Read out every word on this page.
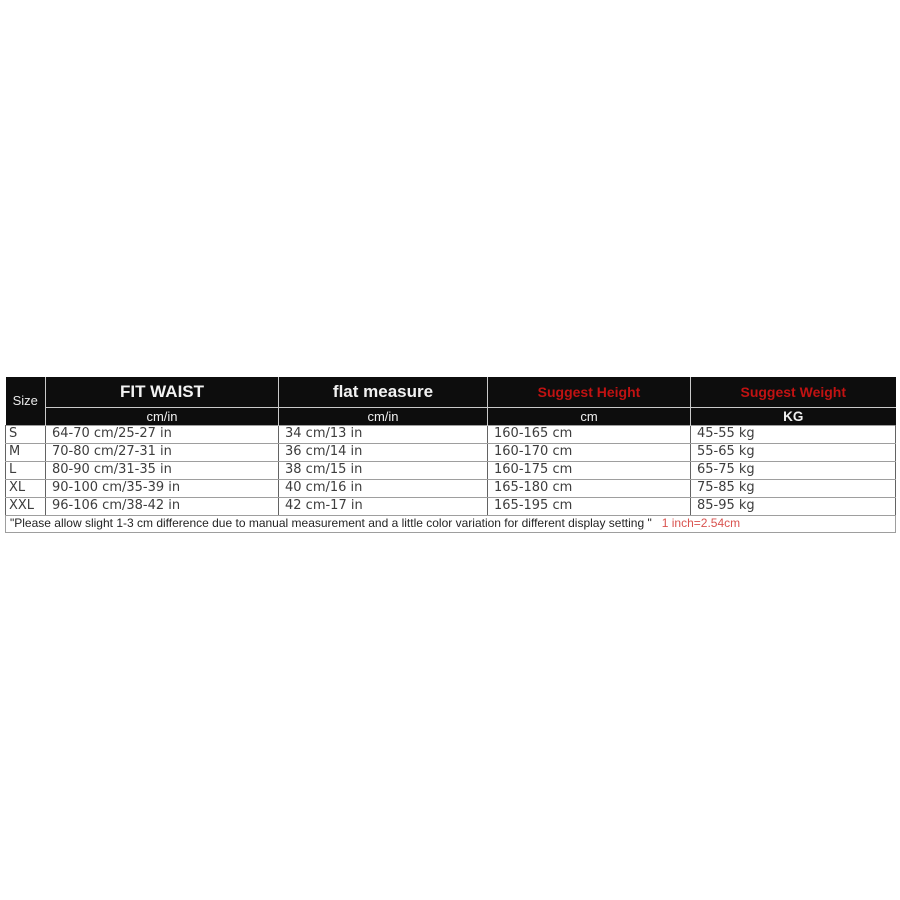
Size	FIT WAIST	flat measure	Suggest Height	Suggest Weight
	cm/in	cm/in	cm	KG
S	64-70 cm/25-27 in	34 cm/13 in	160-165 cm	45-55 kg
M	70-80 cm/27-31 in	36 cm/14 in	160-170 cm	55-65 kg
L	80-90 cm/31-35 in	38 cm/15 in	160-175 cm	65-75 kg
XL	90-100 cm/35-39 in	40 cm/16 in	165-180 cm	75-85 kg
XXL	96-106 cm/38-42 in	42 cm-17 in	165-195 cm	85-95 kg
"Please allow slight 1-3 cm difference due to manual measurement and a little color variation for different display setting " 1 inch=2.54cm				
